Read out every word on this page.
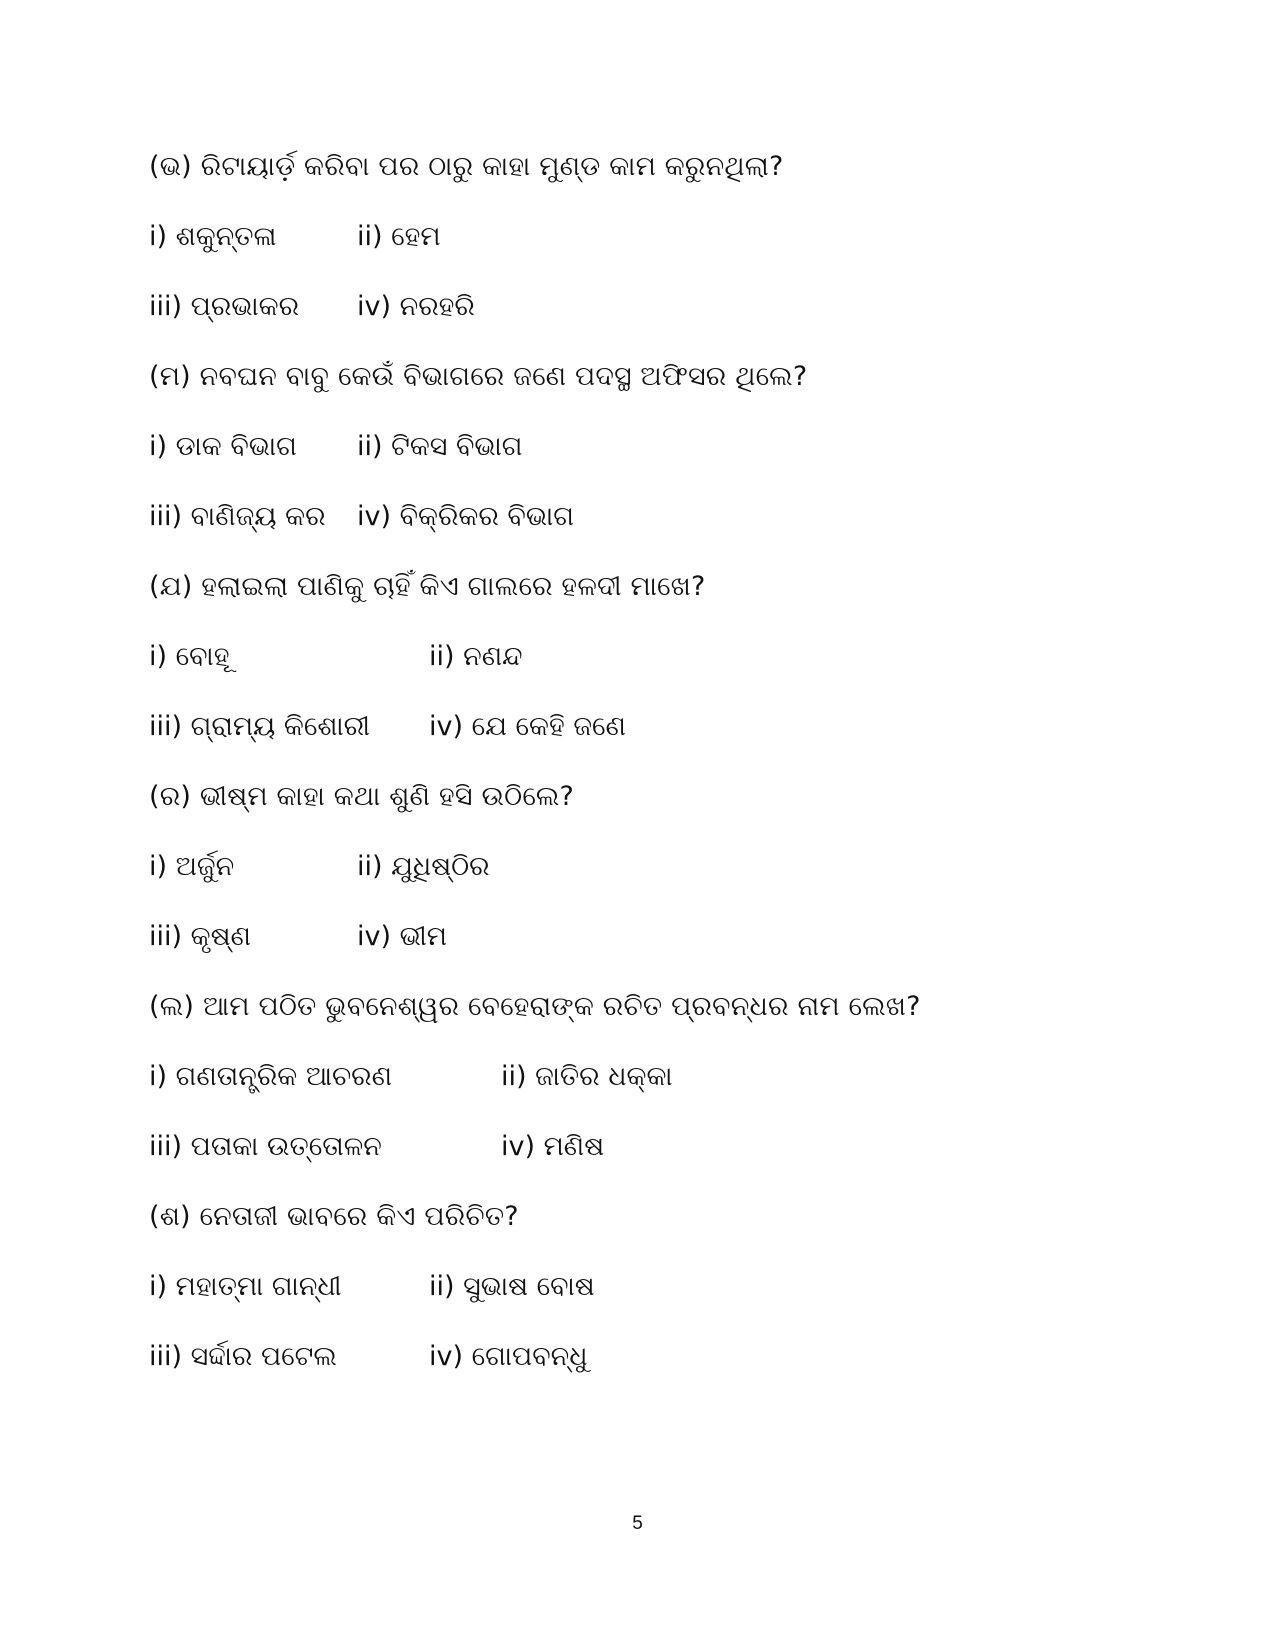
(ଭ) ରିଟାୟାର୍ଡ଼ କରିବା ପର ଠାରୁ କାହା ମୁଣ୍ଡ କାମ କରୁନଥିଲା?
i) ଶକୁନ୍ତଳା	ii) ହେମ
iii) ପ୍ରଭାକର iv) ନରହରି
(ମ) ନବଘନ ବାବୁ କେଉଁ ବିଭାଗରେ ଜଣେ ପଦସ୍ଥ ଅଫିସର ଥିଲେ?
i) ଡାକ ବିଭାଗ ii) ଟିକସ ବିଭାଗ
iii) ବାଣିଜ୍ୟ କର iv) ବିକ୍ରିକର ବିଭାଗ
(ଯ) ହଲାଇଲା ପାଣିକୁ ଚାହିଁ କିଏ ଗାଲରେ ହଳଦୀ ମାଖେ?
i) ବୋହୂ	ii) ନଣନ୍ଦ
iii) ଗ୍ରାମ୍ୟ କିଶୋରୀ iv) ଯେ କେହି ଜଣେ
(ର) ଭୀଷ୍ମ କାହା କଥା ଶୁଣି ହସି ଉଠିଲେ?
i) ଅର୍ଜୁନ	ii) ଯୁଧିଷ୍ଠିର
iii) କୃଷ୍ଣ	iv) ଭୀମ
(ଲ) ଆମ ପଠିତ ଭୁବନେଶ୍ୱର ବେହେରାଙ୍କ ରଚିତ ପ୍ରବନ୍ଧର ନାମ ଲେଖ?
i) ଗଣତାନ୍ତ୍ରିକ ଆଚରଣ	ii) ଜାତିର ଧକ୍କା
iii) ପତାକା ଉତ୍ତୋଳନ	iv) ମଣିଷ
(ଶ) ନେତାଜୀ ଭାବରେ କିଏ ପରିଚିତ?
i) ମହାତ୍ମା ଗାନ୍ଧୀ	ii) ସୁଭାଷ ବୋଷ
iii) ସର୍ଦ୍ଦାର ପଟେଲ	iv) ଗୋପବନ୍ଧୁ
5
